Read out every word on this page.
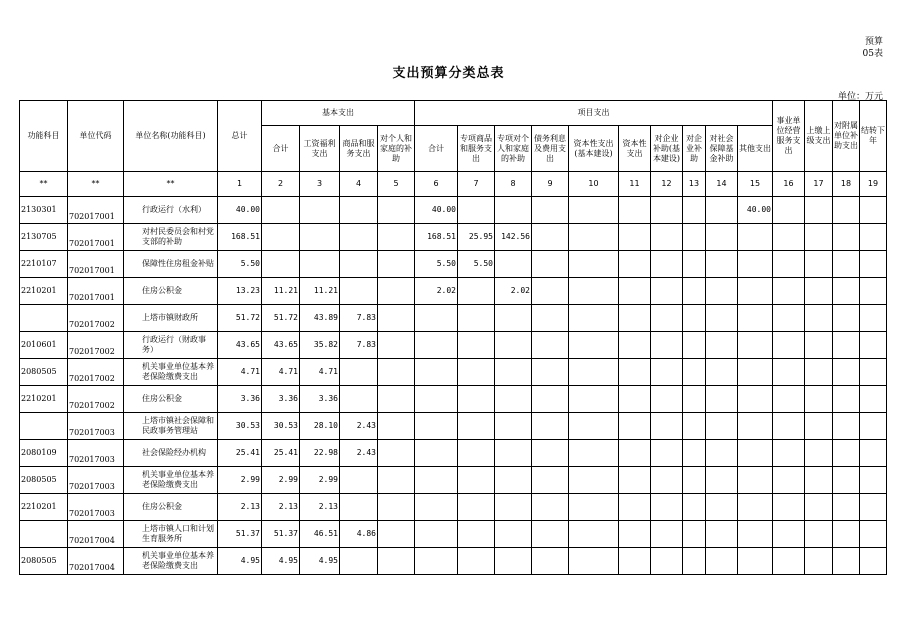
预算
05表
支出预算分类总表
单位：万元
功能科目	单位代码	单位名称(功能科目)	总计	基本支出				项目支出										事业单位经营服务支出	上缴上级支出	对附属单位补助支出	结转下年
				合计	工资福利支出	商品和服务支出	对个人和家庭的补助	合计	专项商品和服务支出	专项对个人和家庭的补助	债务利息及费用支出	资本性支出(基本建设)	资本性支出	对企业补助(基本建设)	对企业补助	对社会保障基金补助	其他支出				
**	**	**	1	2	3	4	5	6	7	8	9	10	11	12	13	14	15	16	17	18	19
2130301	702017001	行政运行（水利）	40.00					40.00									40.00				
2130705	702017001	对村民委员会和村党支部的补助	168.51					168.51	25.95	142.56											
2210107	702017001	保障性住房租金补贴	5.50					5.50	5.50												
2210201	702017001	住房公积金	13.23	11.21	11.21			2.02		2.02											
	702017002	上塔市镇财政所	51.72	51.72	43.89	7.83															
2010601	702017002	行政运行（财政事务）	43.65	43.65	35.82	7.83															
2080505	702017002	机关事业单位基本养老保险缴费支出	4.71	4.71	4.71																
2210201	702017002	住房公积金	3.36	3.36	3.36																
	702017003	上塔市镇社会保障和民政事务管理站	30.53	30.53	28.10	2.43															
2080109	702017003	社会保险经办机构	25.41	25.41	22.98	2.43															
2080505	702017003	机关事业单位基本养老保险缴费支出	2.99	2.99	2.99																
2210201	702017003	住房公积金	2.13	2.13	2.13																
	702017004	上塔市镇人口和计划生育服务所	51.37	51.37	46.51	4.86															
2080505	702017004	机关事业单位基本养老保险缴费支出	4.95	4.95	4.95																
